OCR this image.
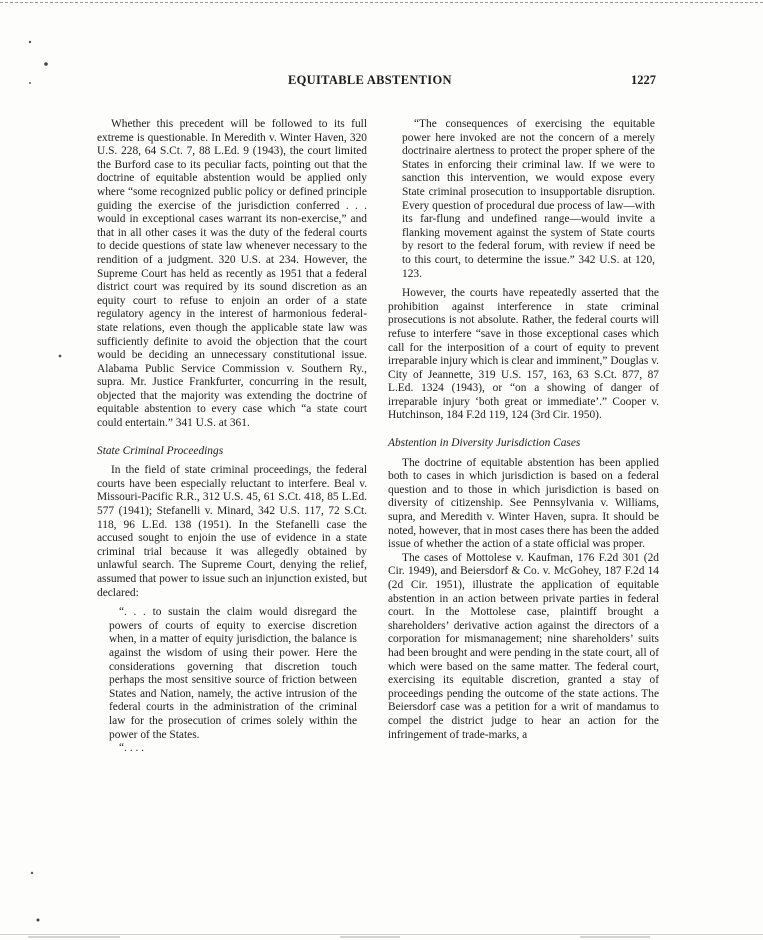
EQUITABLE ABSTENTION	1227

Whether this precedent will be followed to its full extreme is questionable. In Meredith v. Winter Haven, 320 U.S. 228, 64 S.Ct. 7, 88 L.Ed. 9 (1943), the court limited the Burford case to its peculiar facts, pointing out that the doctrine of equitable abstention would be applied only where “some recognized public policy or defined principle guiding the exercise of the jurisdiction conferred . . . would in exceptional cases warrant its non-exercise,” and that in all other cases it was the duty of the federal courts to decide questions of state law whenever necessary to the rendition of a judgment. 320 U.S. at 234. However, the Supreme Court has held as recently as 1951 that a federal district court was required by its sound discretion as an equity court to refuse to enjoin an order of a state regulatory agency in the interest of harmonious federal-state relations, even though the applicable state law was sufficiently definite to avoid the objection that the court would be deciding an unnecessary constitutional issue. Alabama Public Service Commission v. Southern Ry., supra. Mr. Justice Frankfurter, concurring in the result, objected that the majority was extending the doctrine of equitable abstention to every case which “a state court could entertain.” 341 U.S. at 361.

State Criminal Proceedings

In the field of state criminal proceedings, the federal courts have been especially reluctant to interfere. Beal v. Missouri-Pacific R.R., 312 U.S. 45, 61 S.Ct. 418, 85 L.Ed. 577 (1941); Stefanelli v. Minard, 342 U.S. 117, 72 S.Ct. 118, 96 L.Ed. 138 (1951). In the Stefanelli case the accused sought to enjoin the use of evidence in a state criminal trial because it was allegedly obtained by unlawful search. The Supreme Court, denying the relief, assumed that power to issue such an injunction existed, but declared:

“. . . to sustain the claim would disregard the powers of courts of equity to exercise discretion when, in a matter of equity jurisdiction, the balance is against the wisdom of using their power. Here the considerations governing that discretion touch perhaps the most sensitive source of friction between States and Nation, namely, the active intrusion of the federal courts in the administration of the criminal law for the prosecution of crimes solely within the power of the States.

“. . . .

“The consequences of exercising the equitable power here invoked are not the concern of a merely doctrinaire alertness to protect the proper sphere of the States in enforcing their criminal law. If we were to sanction this intervention, we would expose every State criminal prosecution to insupportable disruption. Every question of procedural due process of law—with its far-flung and undefined range—would invite a flanking movement against the system of State courts by resort to the federal forum, with review if need be to this court, to determine the issue.” 342 U.S. at 120, 123.

However, the courts have repeatedly asserted that the prohibition against interference in state criminal prosecutions is not absolute. Rather, the federal courts will refuse to interfere “save in those exceptional cases which call for the interposition of a court of equity to prevent irreparable injury which is clear and imminent,” Douglas v. City of Jeannette, 319 U.S. 157, 163, 63 S.Ct. 877, 87 L.Ed. 1324 (1943), or “on a showing of danger of irreparable injury ‘both great or immediate’.” Cooper v. Hutchinson, 184 F.2d 119, 124 (3rd Cir. 1950).

Abstention in Diversity Jurisdiction Cases

The doctrine of equitable abstention has been applied both to cases in which jurisdiction is based on a federal question and to those in which jurisdiction is based on diversity of citizenship. See Pennsylvania v. Williams, supra, and Meredith v. Winter Haven, supra. It should be noted, however, that in most cases there has been the added issue of whether the action of a state official was proper.

The cases of Mottolese v. Kaufman, 176 F.2d 301 (2d Cir. 1949), and Beiersdorf & Co. v. McGohey, 187 F.2d 14 (2d Cir. 1951), illustrate the application of equitable abstention in an action between private parties in federal court. In the Mottolese case, plaintiff brought a shareholders’ derivative action against the directors of a corporation for mismanagement; nine shareholders’ suits had been brought and were pending in the state court, all of which were based on the same matter. The federal court, exercising its equitable discretion, granted a stay of proceedings pending the outcome of the state actions. The Beiersdorf case was a petition for a writ of mandamus to compel the district judge to hear an action for the infringement of trade-marks, a
